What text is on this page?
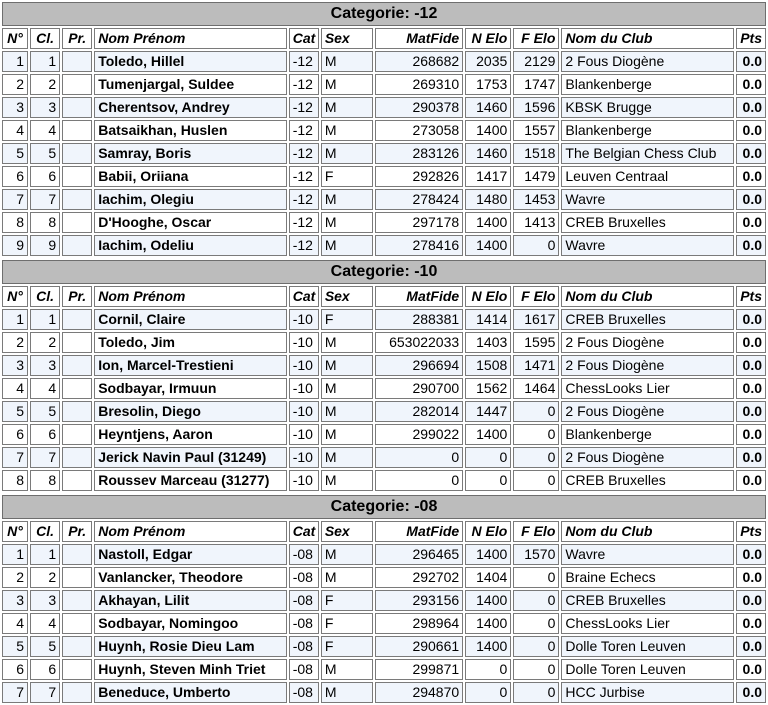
Categorie: -12										
N°	Cl.	Pr.	Nom Prénom	Cat	Sex	MatFide	N Elo	F Elo	Nom du Club	Pts
1	1		Toledo, Hillel	-12	M	268682	2035	2129	2 Fous Diogène	0.0
2	2		Tumenjargal, Suldee	-12	M	269310	1753	1747	Blankenberge	0.0
3	3		Cherentsov, Andrey	-12	M	290378	1460	1596	KBSK Brugge	0.0
4	4		Batsaikhan, Huslen	-12	M	273058	1400	1557	Blankenberge	0.0
5	5		Samray, Boris	-12	M	283126	1460	1518	The Belgian Chess Club	0.0
6	6		Babii, Oriiana	-12	F	292826	1417	1479	Leuven Centraal	0.0
7	7		Iachim, Olegiu	-12	M	278424	1480	1453	Wavre	0.0
8	8		D'Hooghe, Oscar	-12	M	297178	1400	1413	CREB Bruxelles	0.0
9	9		Iachim, Odeliu	-12	M	278416	1400	0	Wavre	0.0
Categorie: -10										
N°	Cl.	Pr.	Nom Prénom	Cat	Sex	MatFide	N Elo	F Elo	Nom du Club	Pts
1	1		Cornil, Claire	-10	F	288381	1414	1617	CREB Bruxelles	0.0
2	2		Toledo, Jim	-10	M	653022033	1403	1595	2 Fous Diogène	0.0
3	3		Ion, Marcel-Trestieni	-10	M	296694	1508	1471	2 Fous Diogène	0.0
4	4		Sodbayar, Irmuun	-10	M	290700	1562	1464	ChessLooks Lier	0.0
5	5		Bresolin, Diego	-10	M	282014	1447	0	2 Fous Diogène	0.0
6	6		Heyntjens, Aaron	-10	M	299022	1400	0	Blankenberge	0.0
7	7		Jerick Navin Paul (31249)	-10	M	0	0	0	2 Fous Diogène	0.0
8	8		Roussev Marceau (31277)	-10	M	0	0	0	CREB Bruxelles	0.0
Categorie: -08										
N°	Cl.	Pr.	Nom Prénom	Cat	Sex	MatFide	N Elo	F Elo	Nom du Club	Pts
1	1		Nastoll, Edgar	-08	M	296465	1400	1570	Wavre	0.0
2	2		Vanlancker, Theodore	-08	M	292702	1404	0	Braine Echecs	0.0
3	3		Akhayan, Lilit	-08	F	293156	1400	0	CREB Bruxelles	0.0
4	4		Sodbayar, Nomingoo	-08	F	298964	1400	0	ChessLooks Lier	0.0
5	5		Huynh, Rosie Dieu Lam	-08	F	290661	1400	0	Dolle Toren Leuven	0.0
6	6		Huynh, Steven Minh Triet	-08	M	299871	0	0	Dolle Toren Leuven	0.0
7	7		Beneduce, Umberto	-08	M	294870	0	0	HCC Jurbise	0.0
